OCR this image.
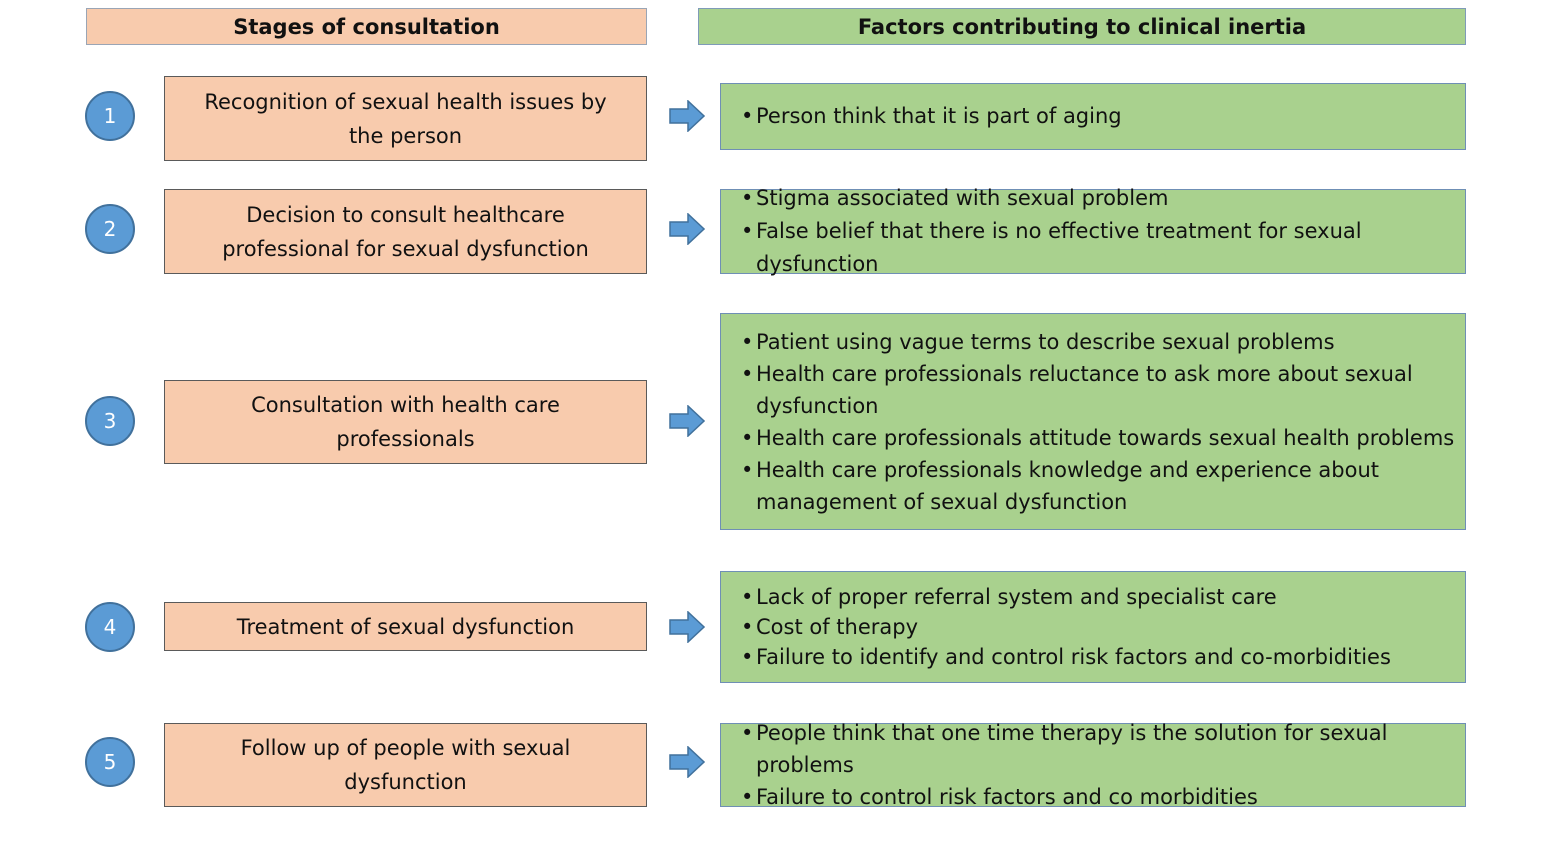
Stages of consultation	Factors contributing to clinical inertia
1
Recognition of sexual health issues by the person
• Person think that it is part of aging
2
Decision to consult healthcare professional for sexual dysfunction
• Stigma associated with sexual problem
• False belief that there is no effective treatment for sexual dysfunction
3
Consultation with health care professionals
• Patient using vague terms to describe sexual problems
• Health care professionals reluctance to ask more about sexual dysfunction
• Health care professionals attitude towards sexual health problems
• Health care professionals knowledge and experience about management of sexual dysfunction
4	Treatment of sexual dysfunction
• Lack of proper referral system and specialist care
• Cost of therapy
• Failure to identify and control risk factors and co-morbidities
5
Follow up of people with sexual dysfunction
• People think that one time therapy is the solution for sexual problems
• Failure to control risk factors and co morbidities
